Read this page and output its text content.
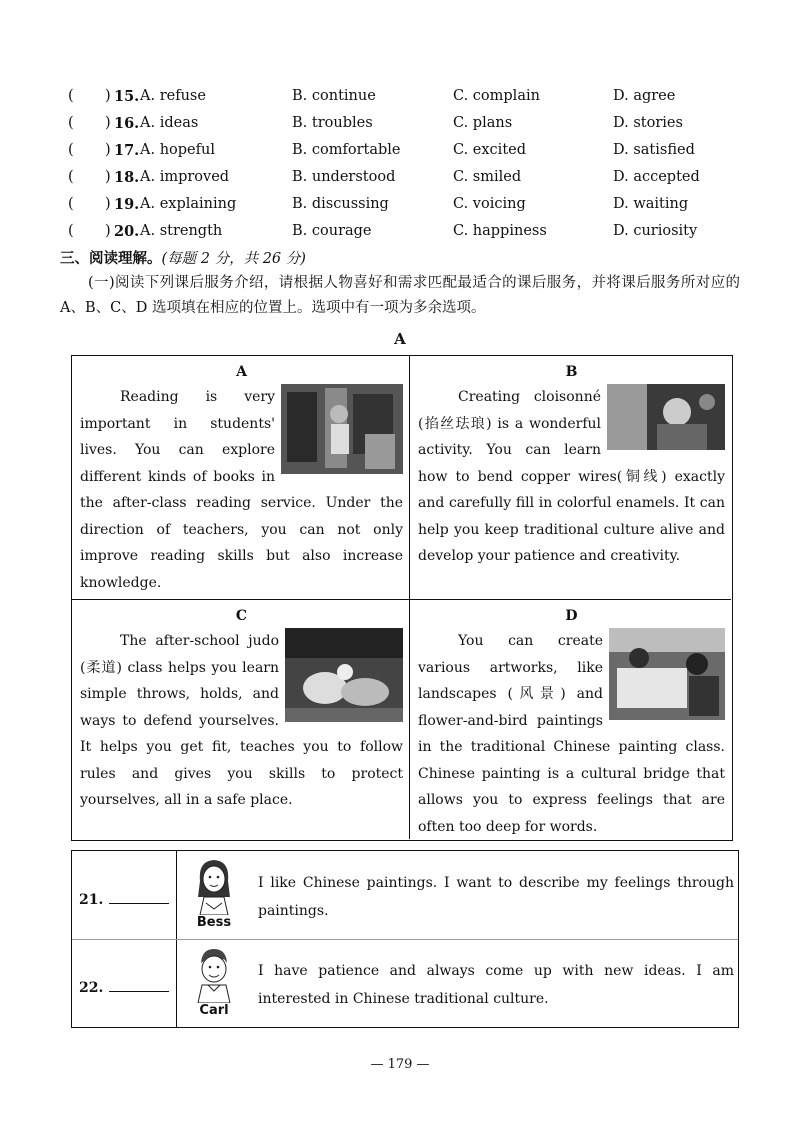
( ) 15. A. refuse	B. continue	C. complain	D. agree
( ) 16. A. ideas	B. troubles	C. plans	D. stories
( ) 17. A. hopeful	B. comfortable	C. excited	D. satisfied
( ) 18. A. improved	B. understood	C. smiled	D. accepted
( ) 19. A. explaining	B. discussing	C. voicing	D. waiting
( ) 20. A. strength	B. courage	C. happiness	D. curiosity
三、阅读理解。(每题 2 分，共 26 分)
(一)阅读下列课后服务介绍，请根据人物喜好和需求匹配最适合的课后服务，并将课后服务所对应的 A、B、C、D 选项填在相应的位置上。选项中有一项为多余选项。
A
A

Reading is very important in students' lives. You can explore different kinds of books in the after-class reading service. Under the direction of teachers, you can not only improve reading skills but also increase knowledge.

B

Creating cloisonné (掐丝珐琅) is a wonderful activity. You can learn how to bend copper wires(铜线) exactly and carefully fill in colorful enamels. It can help you keep traditional culture alive and develop your patience and creativity.

C

The after-school judo (柔道) class helps you learn simple throws, holds, and ways to defend yourselves. It helps you get fit, teaches you to follow rules and gives you skills to protect yourselves, all in a safe place.

D

You can create various artworks, like landscapes (风景) and flower-and-bird paintings in the traditional Chinese painting class. Chinese painting is a cultural bridge that allows you to express feelings that are often too deep for words.

21.
Bess
I like Chinese paintings. I want to describe my feelings through paintings.
22.
Carl
I have patience and always come up with new ideas. I am interested in Chinese traditional culture.
— 179 —
